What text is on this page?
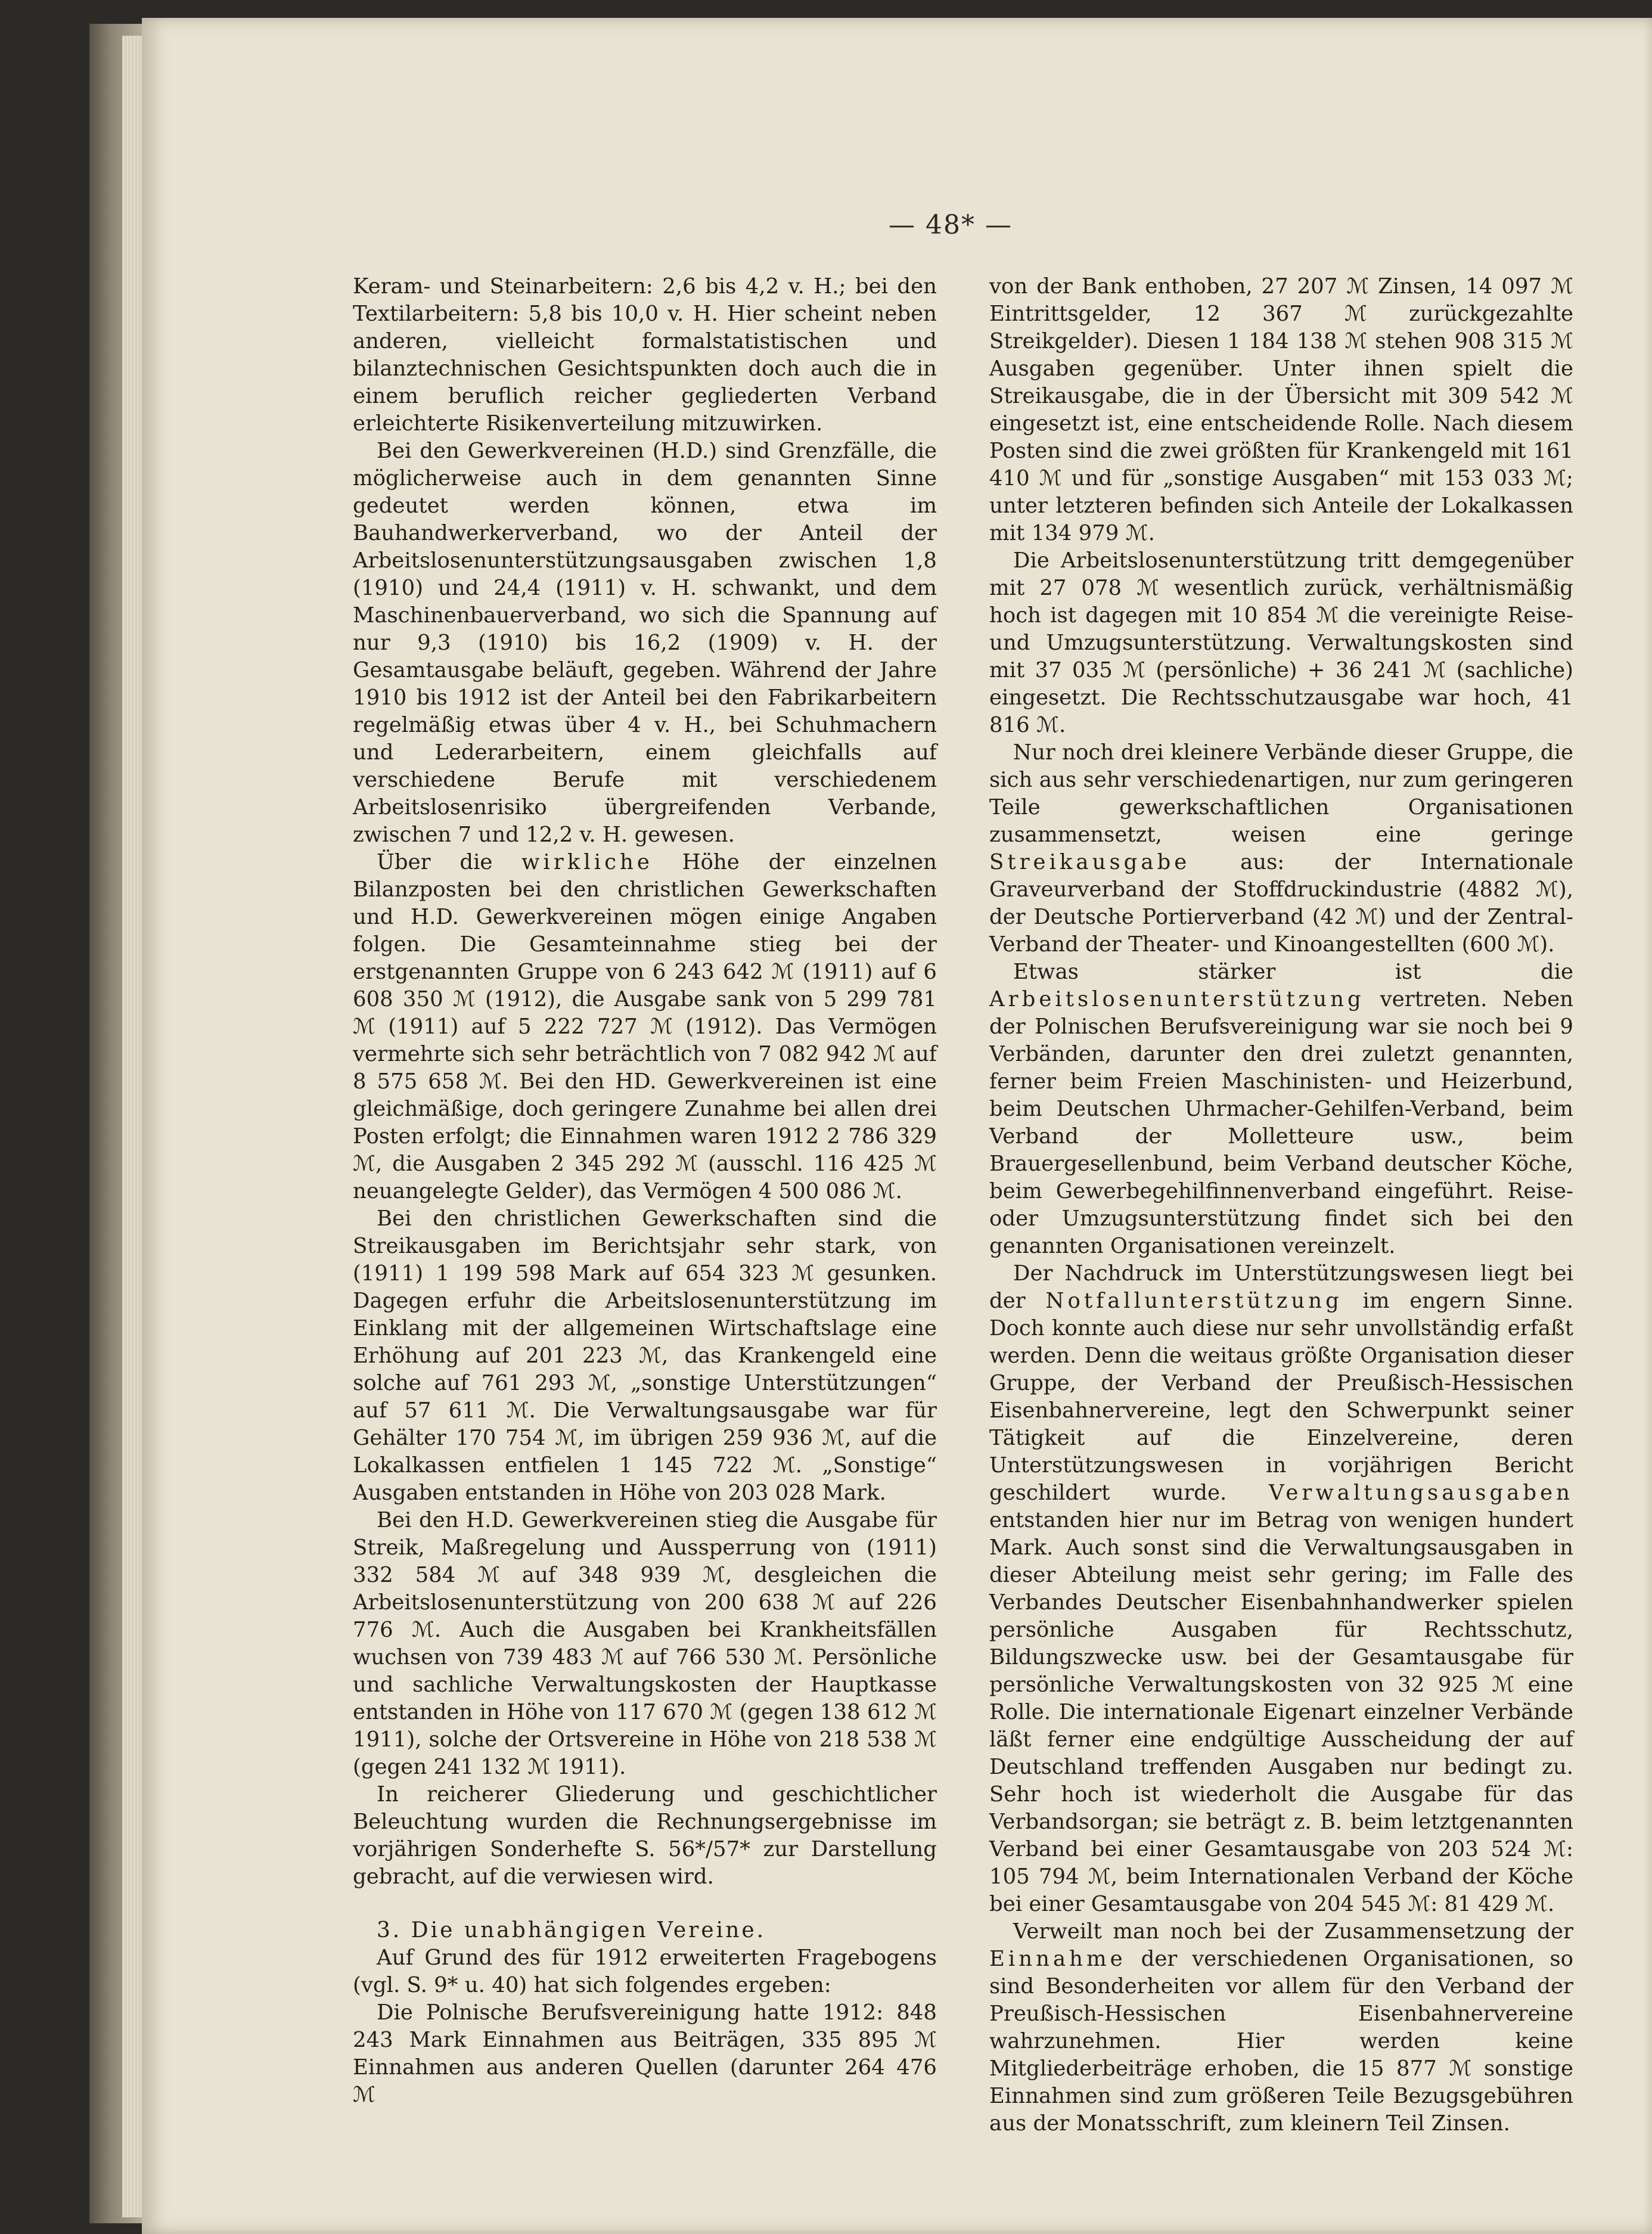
— 48* —

Keram- und Steinarbeitern: 2,6 bis 4,2 v. H.; bei den Textilarbeitern: 5,8 bis 10,0 v. H. Hier scheint neben anderen, vielleicht formalstatistischen und bilanztechnischen Gesichtspunkten doch auch die in einem beruflich reicher gegliederten Verband erleichterte Risikenverteilung mitzuwirken.

Bei den Gewerkvereinen (H.D.) sind Grenzfälle, die möglicherweise auch in dem genannten Sinne gedeutet werden können, etwa im Bauhandwerkerverband, wo der Anteil der Arbeitslosenunterstützungsausgaben zwischen 1,8 (1910) und 24,4 (1911) v. H. schwankt, und dem Maschinenbauerverband, wo sich die Spannung auf nur 9,3 (1910) bis 16,2 (1909) v. H. der Gesamtausgabe beläuft, gegeben. Während der Jahre 1910 bis 1912 ist der Anteil bei den Fabrikarbeitern regelmäßig etwas über 4 v. H., bei Schuhmachern und Lederarbeitern, einem gleichfalls auf verschiedene Berufe mit verschiedenem Arbeitslosenrisiko übergreifenden Verbande, zwischen 7 und 12,2 v. H. gewesen.

Über die wirkliche Höhe der einzelnen Bilanzposten bei den christlichen Gewerkschaften und H.D. Gewerkvereinen mögen einige Angaben folgen. Die Gesamteinnahme stieg bei der erstgenannten Gruppe von 6 243 642 ℳ (1911) auf 6 608 350 ℳ (1912), die Ausgabe sank von 5 299 781 ℳ (1911) auf 5 222 727 ℳ (1912). Das Vermögen vermehrte sich sehr beträchtlich von 7 082 942 ℳ auf 8 575 658 ℳ. Bei den HD. Gewerkvereinen ist eine gleichmäßige, doch geringere Zunahme bei allen drei Posten erfolgt; die Einnahmen waren 1912 2 786 329 ℳ, die Ausgaben 2 345 292 ℳ (ausschl. 116 425 ℳ neuangelegte Gelder), das Vermögen 4 500 086 ℳ.

Bei den christlichen Gewerkschaften sind die Streikausgaben im Berichtsjahr sehr stark, von (1911) 1 199 598 Mark auf 654 323 ℳ gesunken. Dagegen erfuhr die Arbeitslosenunterstützung im Einklang mit der allgemeinen Wirtschaftslage eine Erhöhung auf 201 223 ℳ, das Krankengeld eine solche auf 761 293 ℳ, „sonstige Unterstützungen“ auf 57 611 ℳ. Die Verwaltungsausgabe war für Gehälter 170 754 ℳ, im übrigen 259 936 ℳ, auf die Lokalkassen entfielen 1 145 722 ℳ. „Sonstige“ Ausgaben entstanden in Höhe von 203 028 Mark.

Bei den H.D. Gewerkvereinen stieg die Ausgabe für Streik, Maßregelung und Aussperrung von (1911) 332 584 ℳ auf 348 939 ℳ, desgleichen die Arbeitslosenunterstützung von 200 638 ℳ auf 226 776 ℳ. Auch die Ausgaben bei Krankheitsfällen wuchsen von 739 483 ℳ auf 766 530 ℳ. Persönliche und sachliche Verwaltungskosten der Hauptkasse entstanden in Höhe von 117 670 ℳ (gegen 138 612 ℳ 1911), solche der Ortsvereine in Höhe von 218 538 ℳ (gegen 241 132 ℳ 1911).

In reicherer Gliederung und geschichtlicher Beleuchtung wurden die Rechnungsergebnisse im vorjährigen Sonderhefte S. 56*/57* zur Darstellung gebracht, auf die verwiesen wird.

3. Die unabhängigen Vereine.

Auf Grund des für 1912 erweiterten Fragebogens (vgl. S. 9* u. 40) hat sich folgendes ergeben:

Die Polnische Berufsvereinigung hatte 1912: 848 243 Mark Einnahmen aus Beiträgen, 335 895 ℳ Einnahmen aus anderen Quellen (darunter 264 476 ℳ

von der Bank enthoben, 27 207 ℳ Zinsen, 14 097 ℳ Eintrittsgelder, 12 367 ℳ zurückgezahlte Streikgelder). Diesen 1 184 138 ℳ stehen 908 315 ℳ Ausgaben gegenüber. Unter ihnen spielt die Streikausgabe, die in der Übersicht mit 309 542 ℳ eingesetzt ist, eine entscheidende Rolle. Nach diesem Posten sind die zwei größten für Krankengeld mit 161 410 ℳ und für „sonstige Ausgaben“ mit 153 033 ℳ; unter letzteren befinden sich Anteile der Lokalkassen mit 134 979 ℳ.

Die Arbeitslosenunterstützung tritt demgegenüber mit 27 078 ℳ wesentlich zurück, verhältnismäßig hoch ist dagegen mit 10 854 ℳ die vereinigte Reise- und Umzugsunterstützung. Verwaltungskosten sind mit 37 035 ℳ (persönliche) + 36 241 ℳ (sachliche) eingesetzt. Die Rechtsschutzausgabe war hoch, 41 816 ℳ.

Nur noch drei kleinere Verbände dieser Gruppe, die sich aus sehr verschiedenartigen, nur zum geringeren Teile gewerkschaftlichen Organisationen zusammensetzt, weisen eine geringe Streikausgabe aus: der Internationale Graveurverband der Stoffdruckindustrie (4882 ℳ), der Deutsche Portierverband (42 ℳ) und der Zentral-Verband der Theater- und Kinoangestellten (600 ℳ).

Etwas stärker ist die Arbeitslosenunterstützung vertreten. Neben der Polnischen Berufsvereinigung war sie noch bei 9 Verbänden, darunter den drei zuletzt genannten, ferner beim Freien Maschinisten- und Heizerbund, beim Deutschen Uhrmacher-Gehilfen-Verband, beim Verband der Molletteure usw., beim Brauergesellenbund, beim Verband deutscher Köche, beim Gewerbegehilfinnenverband eingeführt. Reise- oder Umzugsunterstützung findet sich bei den genannten Organisationen vereinzelt.

Der Nachdruck im Unterstützungswesen liegt bei der Notfallunterstützung im engern Sinne. Doch konnte auch diese nur sehr unvollständig erfaßt werden. Denn die weitaus größte Organisation dieser Gruppe, der Verband der Preußisch-Hessischen Eisenbahnervereine, legt den Schwerpunkt seiner Tätigkeit auf die Einzelvereine, deren Unterstützungswesen in vorjährigen Bericht geschildert wurde. Verwaltungsausgaben entstanden hier nur im Betrag von wenigen hundert Mark. Auch sonst sind die Verwaltungsausgaben in dieser Abteilung meist sehr gering; im Falle des Verbandes Deutscher Eisenbahnhandwerker spielen persönliche Ausgaben für Rechtsschutz, Bildungszwecke usw. bei der Gesamtausgabe für persönliche Verwaltungskosten von 32 925 ℳ eine Rolle. Die internationale Eigenart einzelner Verbände läßt ferner eine endgültige Ausscheidung der auf Deutschland treffenden Ausgaben nur bedingt zu. Sehr hoch ist wiederholt die Ausgabe für das Verbandsorgan; sie beträgt z. B. beim letztgenannten Verband bei einer Gesamtausgabe von 203 524 ℳ: 105 794 ℳ, beim Internationalen Verband der Köche bei einer Gesamtausgabe von 204 545 ℳ: 81 429 ℳ.

Verweilt man noch bei der Zusammensetzung der Einnahme der verschiedenen Organisationen, so sind Besonderheiten vor allem für den Verband der Preußisch-Hessischen Eisenbahnervereine wahrzunehmen. Hier werden keine Mitgliederbeiträge erhoben, die 15 877 ℳ sonstige Einnahmen sind zum größeren Teile Bezugsgebühren aus der Monatsschrift, zum kleinern Teil Zinsen.
